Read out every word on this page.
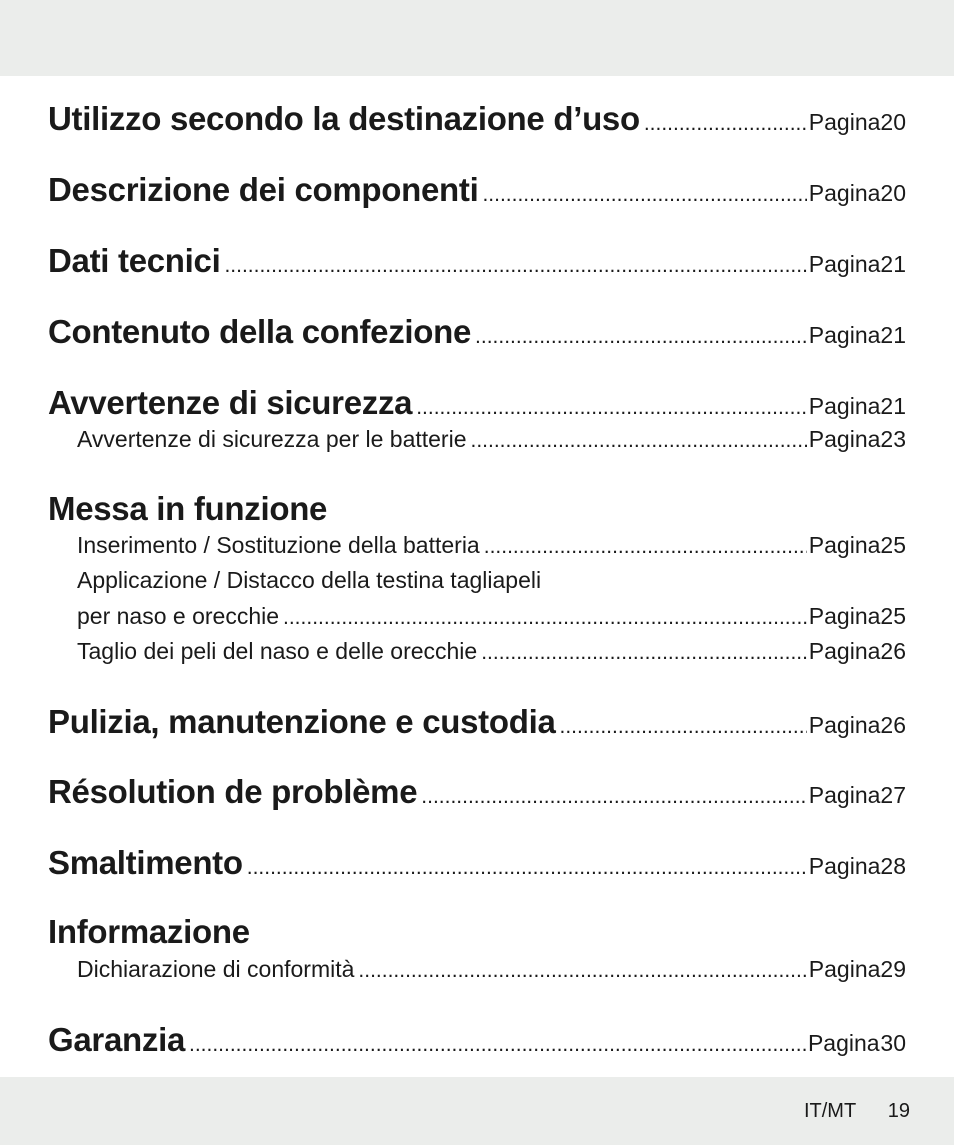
Utilizzo secondo la destinazione d’uso .....	Pagina 20
Descrizione dei componenti .....	Pagina 20
Dati tecnici .....	Pagina 21
Contenuto della confezione .....	Pagina 21
Avvertenze di sicurezza .....	Pagina 21
Avvertenze di sicurezza per le batterie .....	Pagina 23
Messa in funzione
Inserimento / Sostituzione della batteria .....	Pagina 25
Applicazione / Distacco della testina tagliapeli
per naso e orecchie .....	Pagina 25
Taglio dei peli del naso e delle orecchie .....	Pagina 26
Pulizia, manutenzione e custodia .....	Pagina 26
Résolution de problème .....	Pagina 27
Smaltimento .....	Pagina 28
Informazione
Dichiarazione di conformità .....	Pagina 29
Garanzia .....	Pagina 30
IT/MT 19
